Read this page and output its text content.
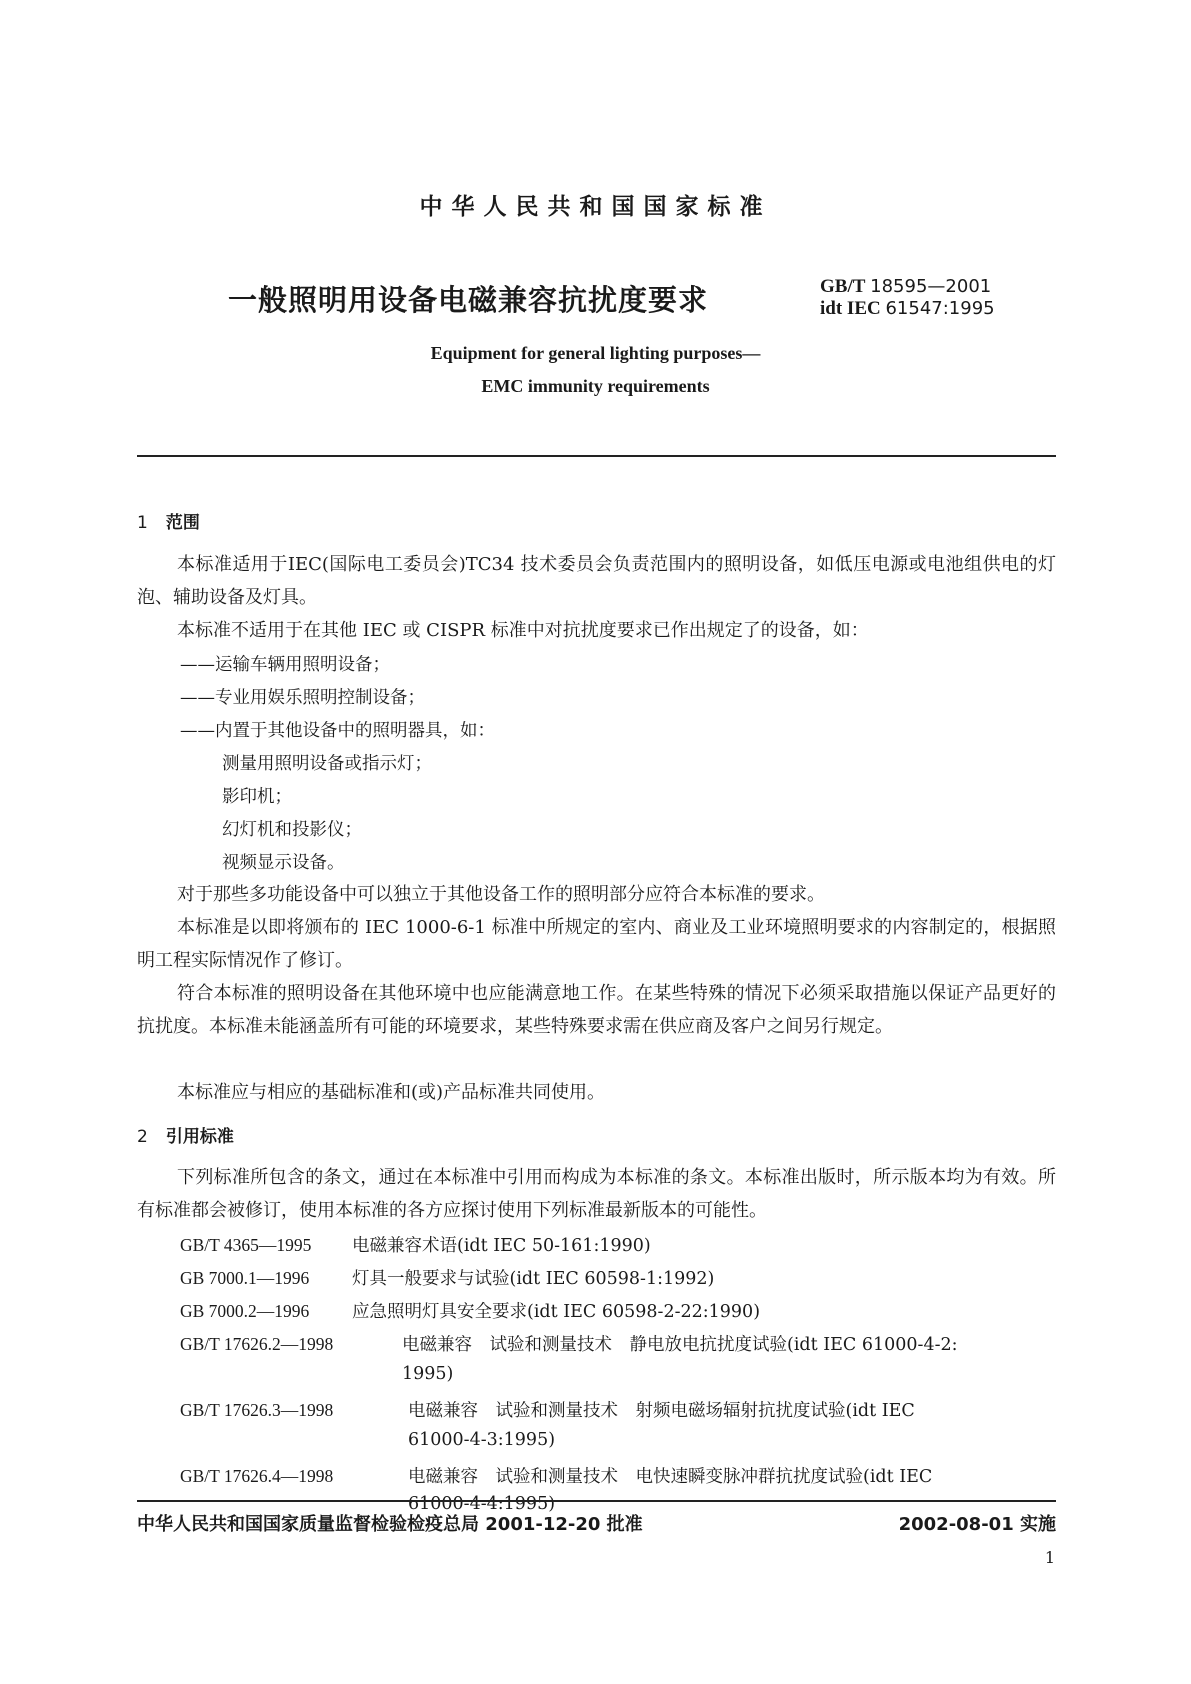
中华人民共和国国家标准
一般照明用设备电磁兼容抗扰度要求	GB/T 18595—2001
idt IEC 61547:1995
Equipment for general lighting purposes—
EMC immunity requirements
1 范围
本标准适用于IEC(国际电工委员会)TC34 技术委员会负责范围内的照明设备，如低压电源或电池组供电的灯泡、辅助设备及灯具。
本标准不适用于在其他 IEC 或 CISPR 标准中对抗扰度要求已作出规定了的设备，如：
——运输车辆用照明设备；
——专业用娱乐照明控制设备；
——内置于其他设备中的照明器具，如：
测量用照明设备或指示灯；
影印机；
幻灯机和投影仪；
视频显示设备。
对于那些多功能设备中可以独立于其他设备工作的照明部分应符合本标准的要求。
本标准是以即将颁布的 IEC 1000-6-1 标准中所规定的室内、商业及工业环境照明要求的内容制定的，根据照明工程实际情况作了修订。
符合本标准的照明设备在其他环境中也应能满意地工作。在某些特殊的情况下必须采取措施以保证产品更好的抗扰度。本标准未能涵盖所有可能的环境要求，某些特殊要求需在供应商及客户之间另行规定。
本标准应与相应的基础标准和(或)产品标准共同使用。
2 引用标准
下列标准所包含的条文，通过在本标准中引用而构成为本标准的条文。本标准出版时，所示版本均为有效。所有标准都会被修订，使用本标准的各方应探讨使用下列标准最新版本的可能性。
GB/T 4365—1995 电磁兼容术语(idt IEC 50-161:1990)
GB 7000.1—1996 灯具一般要求与试验(idt IEC 60598-1:1992)
GB 7000.2—1996 应急照明灯具安全要求(idt IEC 60598-2-22:1990)
GB/T 17626.2—1998	电磁兼容　试验和测量技术　静电放电抗扰度试验(idt IEC 61000-4-2:
1995)
GB/T 17626.3—1998	电磁兼容　试验和测量技术　射频电磁场辐射抗扰度试验(idt IEC
61000-4-3:1995)
GB/T 17626.4—1998	电磁兼容　试验和测量技术　电快速瞬变脉冲群抗扰度试验(idt IEC
61000-4-4:1995)
中华人民共和国国家质量监督检验检疫总局 2001-12-20 批准	2002-08-01 实施
1
